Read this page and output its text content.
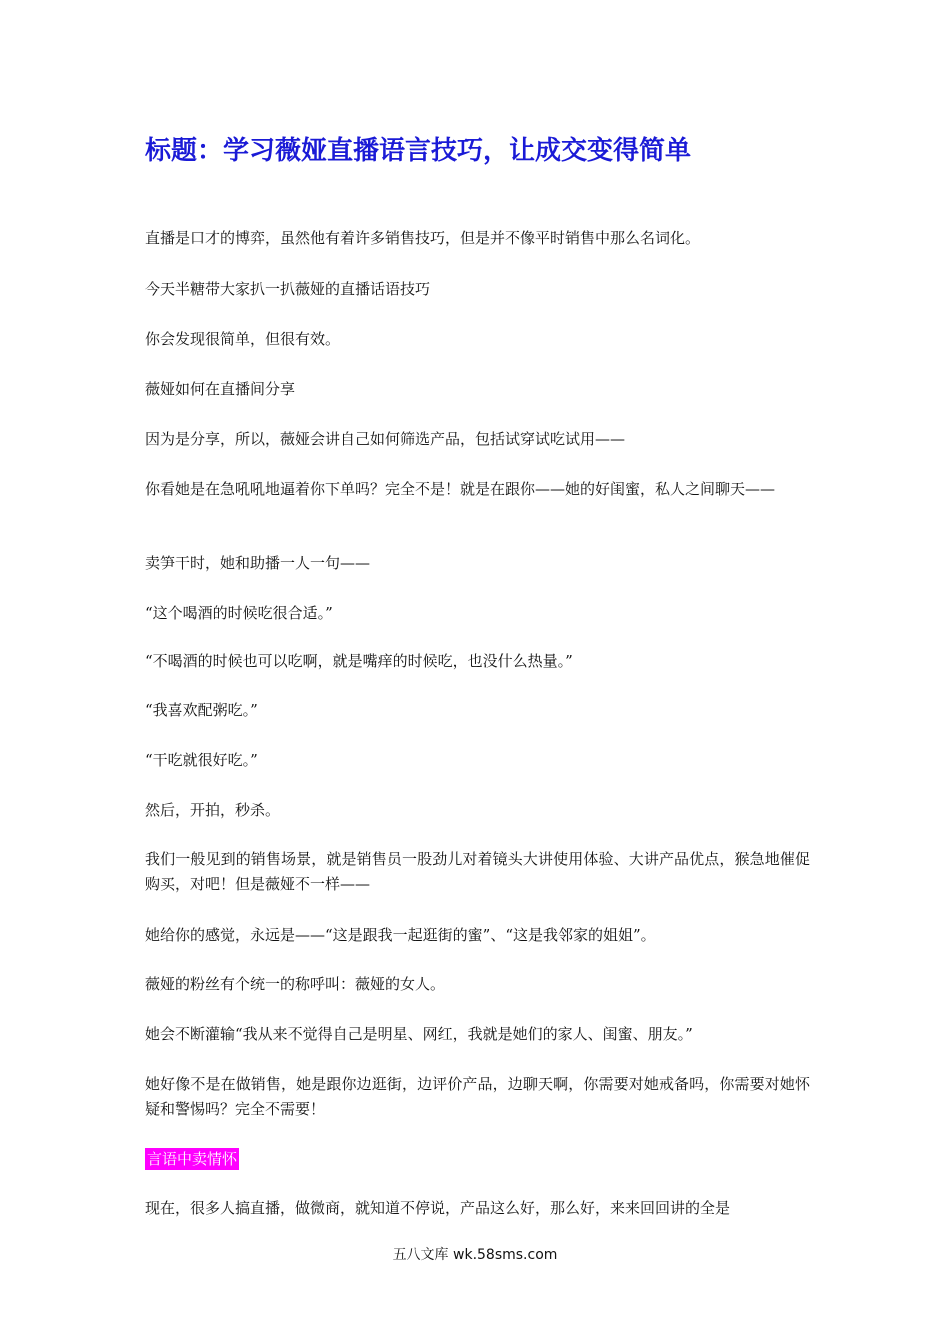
标题：学习薇娅直播语言技巧，让成交变得简单
直播是口才的博弈，虽然他有着许多销售技巧，但是并不像平时销售中那么名词化。
今天半糖带大家扒一扒薇娅的直播话语技巧
你会发现很简单，但很有效。
薇娅如何在直播间分享
因为是分享，所以，薇娅会讲自己如何筛选产品，包括试穿试吃试用——
你看她是在急吼吼地逼着你下单吗？完全不是！就是在跟你——她的好闺蜜，私人之间聊天——
卖笋干时，她和助播一人一句——
“这个喝酒的时候吃很合适。”
“不喝酒的时候也可以吃啊，就是嘴痒的时候吃，也没什么热量。”
“我喜欢配粥吃。”
“干吃就很好吃。”
然后，开拍，秒杀。
我们一般见到的销售场景，就是销售员一股劲儿对着镜头大讲使用体验、大讲产品优点，猴急地催促购买，对吧！但是薇娅不一样——
她给你的感觉，永远是——“这是跟我一起逛街的蜜”、“这是我邻家的姐姐”。
薇娅的粉丝有个统一的称呼叫：薇娅的女人。
她会不断灌输“我从来不觉得自己是明星、网红，我就是她们的家人、闺蜜、朋友。”
她好像不是在做销售，她是跟你边逛街，边评价产品，边聊天啊，你需要对她戒备吗，你需要对她怀疑和警惕吗？完全不需要！
言语中卖情怀
现在，很多人搞直播，做微商，就知道不停说，产品这么好，那么好，来来回回讲的全是
五八文库 wk.58sms.com
